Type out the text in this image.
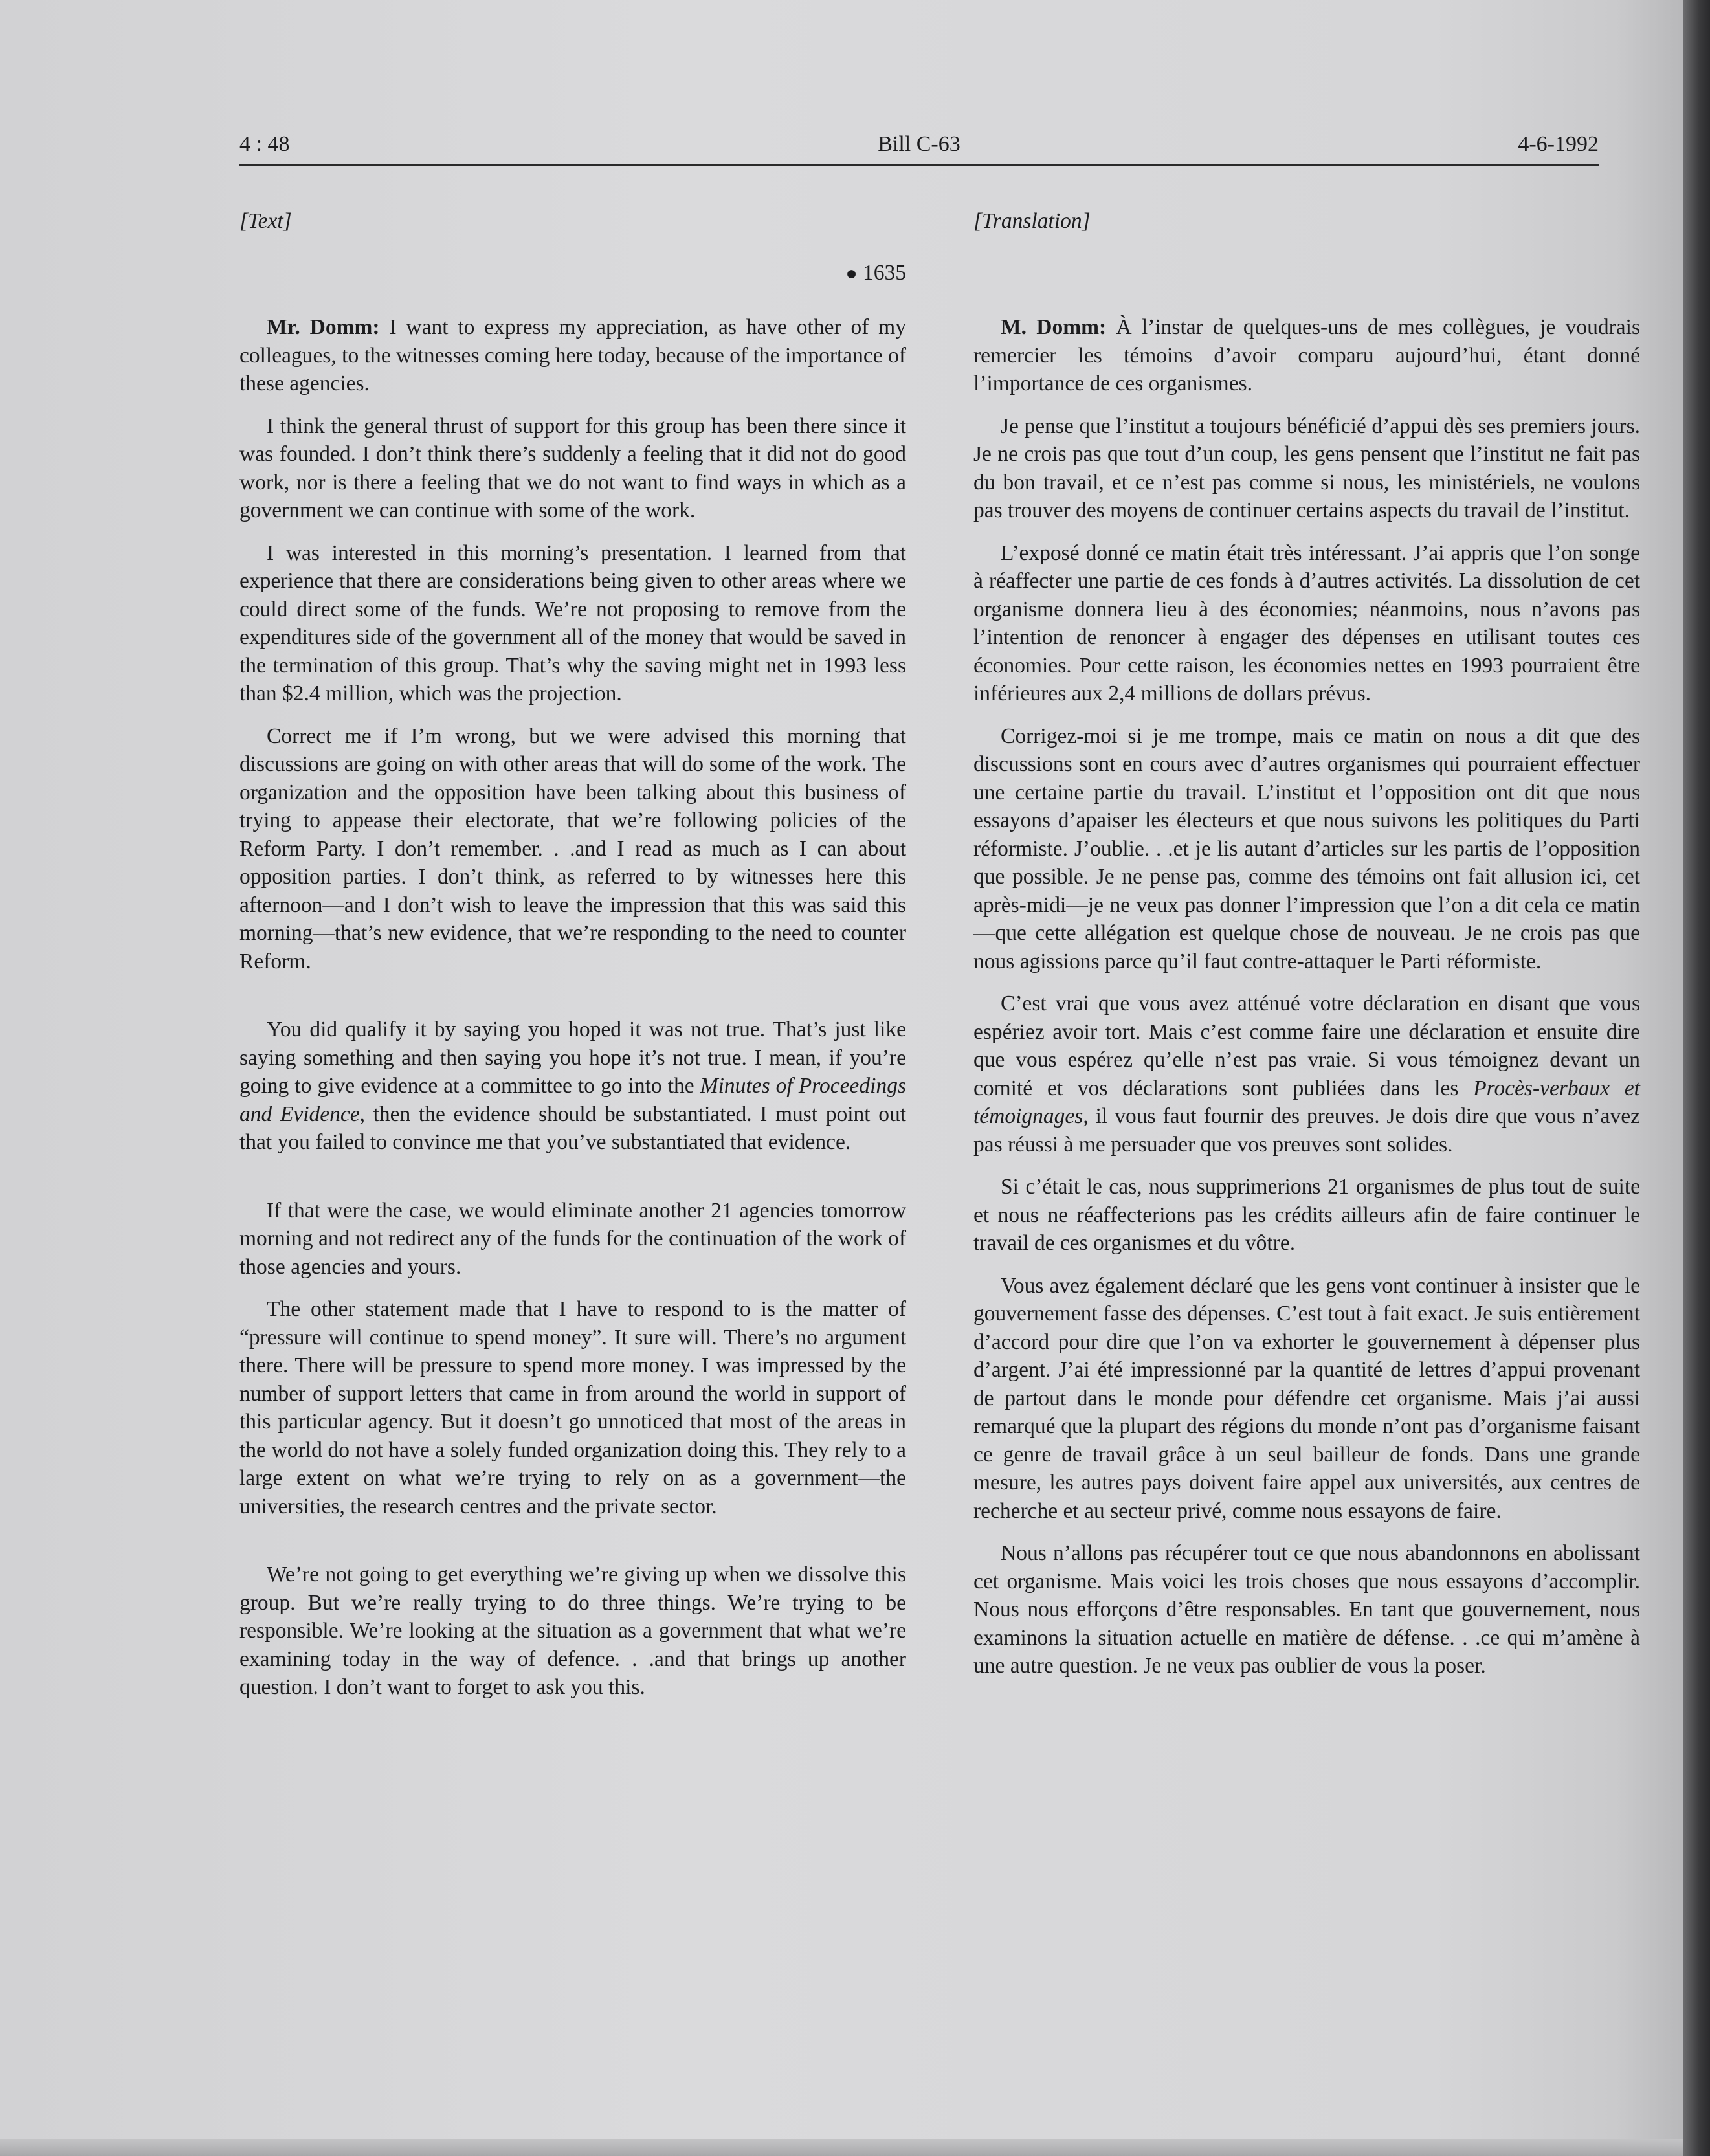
4 : 48	Bill C-63	4-6-1992
[Text]
● 1635

Mr. Domm: I want to express my appreciation, as have other of my colleagues, to the witnesses coming here today, because of the importance of these agencies.

I think the general thrust of support for this group has been there since it was founded. I don’t think there’s suddenly a feeling that it did not do good work, nor is there a feeling that we do not want to find ways in which as a government we can continue with some of the work.

I was interested in this morning’s presentation. I learned from that experience that there are considerations being given to other areas where we could direct some of the funds. We’re not proposing to remove from the expenditures side of the government all of the money that would be saved in the termination of this group. That’s why the saving might net in 1993 less than $2.4 million, which was the projection.

Correct me if I’m wrong, but we were advised this morning that discussions are going on with other areas that will do some of the work. The organization and the opposition have been talking about this business of trying to appease their electorate, that we’re following policies of the Reform Party. I don’t remember. . .and I read as much as I can about opposition parties. I don’t think, as referred to by witnesses here this afternoon—and I don’t wish to leave the impression that this was said this morning—that’s new evidence, that we’re responding to the need to counter Reform.

You did qualify it by saying you hoped it was not true. That’s just like saying something and then saying you hope it’s not true. I mean, if you’re going to give evidence at a committee to go into the Minutes of Proceedings and Evidence, then the evidence should be substantiated. I must point out that you failed to convince me that you’ve substantiated that evidence.

If that were the case, we would eliminate another 21 agencies tomorrow morning and not redirect any of the funds for the continuation of the work of those agencies and yours.

The other statement made that I have to respond to is the matter of “pressure will continue to spend money”. It sure will. There’s no argument there. There will be pressure to spend more money. I was impressed by the number of support letters that came in from around the world in support of this particular agency. But it doesn’t go unnoticed that most of the areas in the world do not have a solely funded organization doing this. They rely to a large extent on what we’re trying to rely on as a government—the universities, the research centres and the private sector.

We’re not going to get everything we’re giving up when we dissolve this group. But we’re really trying to do three things. We’re trying to be responsible. We’re looking at the situation as a government that what we’re examining today in the way of defence. . .and that brings up another question. I don’t want to forget to ask you this.

[Translation]

M. Domm: À l’instar de quelques-uns de mes collègues, je voudrais remercier les témoins d’avoir comparu aujourd’hui, étant donné l’importance de ces organismes.

Je pense que l’institut a toujours bénéficié d’appui dès ses premiers jours. Je ne crois pas que tout d’un coup, les gens pensent que l’institut ne fait pas du bon travail, et ce n’est pas comme si nous, les ministériels, ne voulons pas trouver des moyens de continuer certains aspects du travail de l’institut.

L’exposé donné ce matin était très intéressant. J’ai appris que l’on songe à réaffecter une partie de ces fonds à d’autres activités. La dissolution de cet organisme donnera lieu à des économies; néanmoins, nous n’avons pas l’intention de renoncer à engager des dépenses en utilisant toutes ces économies. Pour cette raison, les économies nettes en 1993 pourraient être inférieures aux 2,4 millions de dollars prévus.

Corrigez-moi si je me trompe, mais ce matin on nous a dit que des discussions sont en cours avec d’autres organismes qui pourraient effectuer une certaine partie du travail. L’institut et l’opposition ont dit que nous essayons d’apaiser les électeurs et que nous suivons les politiques du Parti réformiste. J’oublie. . .et je lis autant d’articles sur les partis de l’opposition que possible. Je ne pense pas, comme des témoins ont fait allusion ici, cet après-midi—je ne veux pas donner l’impression que l’on a dit cela ce matin—que cette allégation est quelque chose de nouveau. Je ne crois pas que nous agissions parce qu’il faut contre-attaquer le Parti réformiste.

C’est vrai que vous avez atténué votre déclaration en disant que vous espériez avoir tort. Mais c’est comme faire une déclaration et ensuite dire que vous espérez qu’elle n’est pas vraie. Si vous témoignez devant un comité et vos déclarations sont publiées dans les Procès-verbaux et témoignages, il vous faut fournir des preuves. Je dois dire que vous n’avez pas réussi à me persuader que vos preuves sont solides.

Si c’était le cas, nous supprimerions 21 organismes de plus tout de suite et nous ne réaffecterions pas les crédits ailleurs afin de faire continuer le travail de ces organismes et du vôtre.

Vous avez également déclaré que les gens vont continuer à insister que le gouvernement fasse des dépenses. C’est tout à fait exact. Je suis entièrement d’accord pour dire que l’on va exhorter le gouvernement à dépenser plus d’argent. J’ai été impressionné par la quantité de lettres d’appui provenant de partout dans le monde pour défendre cet organisme. Mais j’ai aussi remarqué que la plupart des régions du monde n’ont pas d’organisme faisant ce genre de travail grâce à un seul bailleur de fonds. Dans une grande mesure, les autres pays doivent faire appel aux universités, aux centres de recherche et au secteur privé, comme nous essayons de faire.

Nous n’allons pas récupérer tout ce que nous abandonnons en abolissant cet organisme. Mais voici les trois choses que nous essayons d’accomplir. Nous nous efforçons d’être responsables. En tant que gouvernement, nous examinons la situation actuelle en matière de défense. . .ce qui m’amène à une autre question. Je ne veux pas oublier de vous la poser.
